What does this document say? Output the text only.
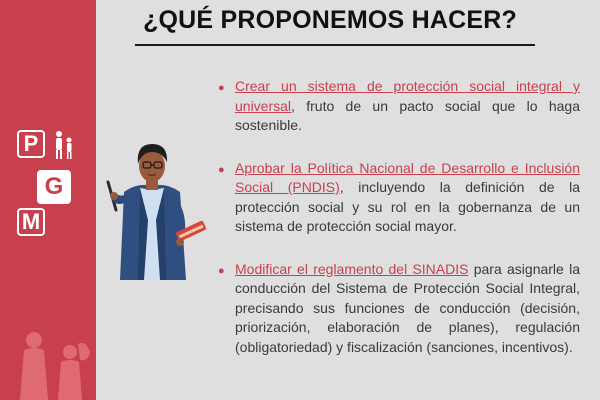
P
G
M
¿QUÉ PROPONEMOS HACER?
● Crear un sistema de protección social integral y universal, fruto de un pacto social que lo haga sostenible.
● Aprobar la Política Nacional de Desarrollo e Inclusión Social (PNDIS), incluyendo la definición de la protección social y su rol en la gobernanza de un sistema de protección social mayor.
● Modificar el reglamento del SINADIS para asignarle la conducción del Sistema de Protección Social Integral, precisando sus funciones de conducción (decisión, priorización, elaboración de planes), regulación (obligatoriedad) y fiscalización (sanciones, incentivos).
